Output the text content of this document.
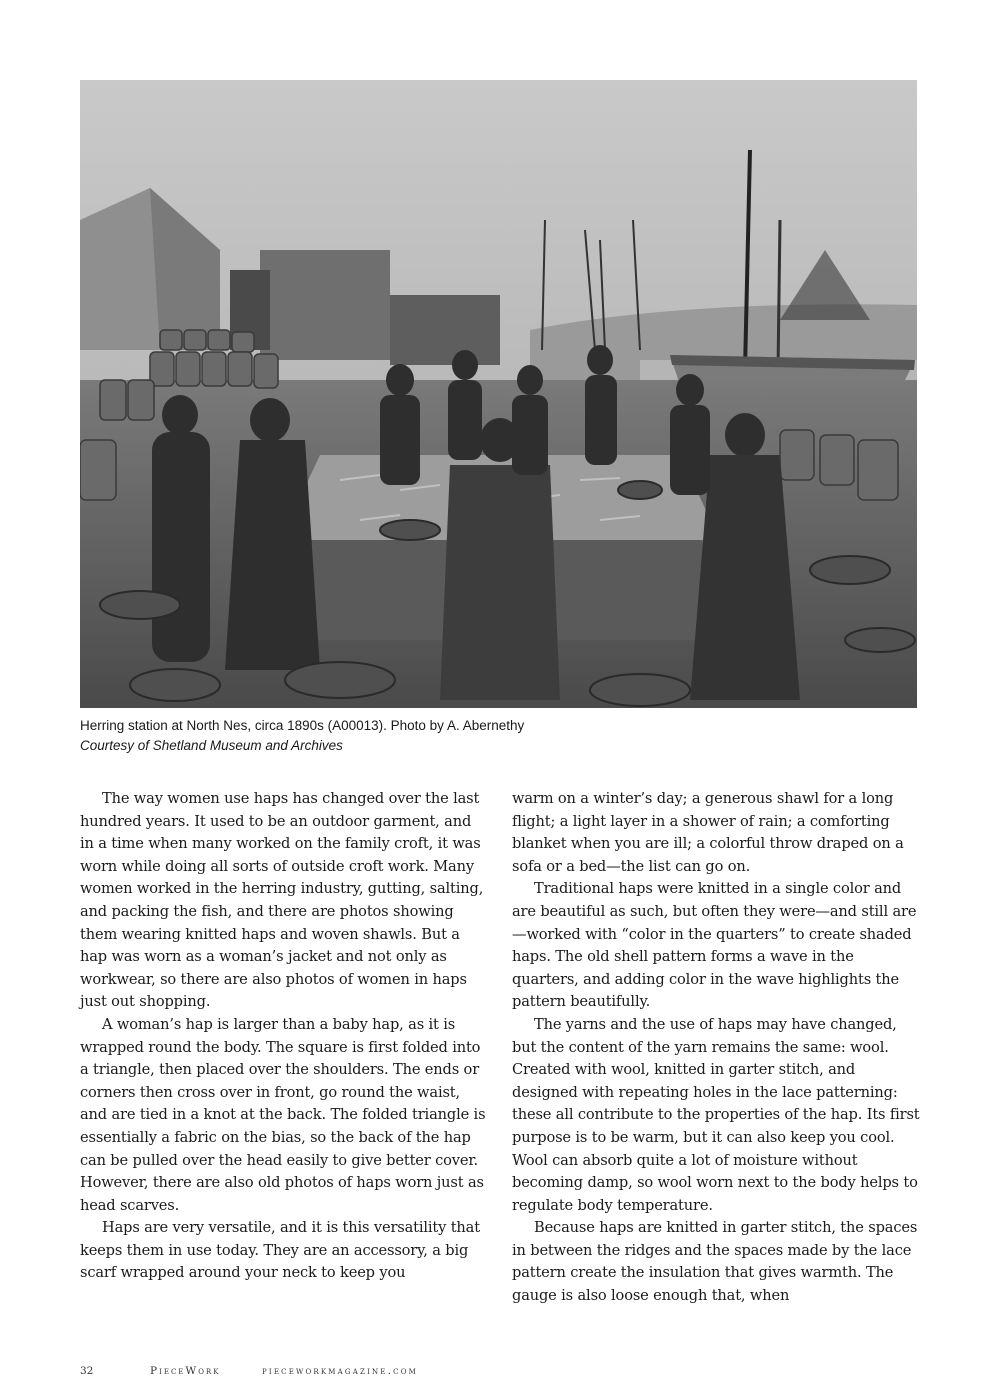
Herring station at North Nes, circa 1890s (A00013). Photo by A. Abernethy
Courtesy of Shetland Museum and Archives

The way women use haps has changed over the last hundred years. It used to be an outdoor garment, and in a time when many worked on the family croft, it was worn while doing all sorts of outside croft work. Many women worked in the herring industry, gutting, salting, and packing the fish, and there are photos showing them wearing knitted haps and woven shawls. But a hap was worn as a woman’s jacket and not only as workwear, so there are also photos of women in haps just out shopping.

A woman’s hap is larger than a baby hap, as it is wrapped round the body. The square is first folded into a triangle, then placed over the shoulders. The ends or corners then cross over in front, go round the waist, and are tied in a knot at the back. The folded triangle is essentially a fabric on the bias, so the back of the hap can be pulled over the head easily to give better cover. However, there are also old photos of haps worn just as head scarves.

Haps are very versatile, and it is this versatility that keeps them in use today. They are an accessory, a big scarf wrapped around your neck to keep you

warm on a winter’s day; a generous shawl for a long flight; a light layer in a shower of rain; a comforting blanket when you are ill; a colorful throw draped on a sofa or a bed—the list can go on.

Traditional haps were knitted in a single color and are beautiful as such, but often they were—and still are—worked with “color in the quarters” to create shaded haps. The old shell pattern forms a wave in the quarters, and adding color in the wave highlights the pattern beautifully.

The yarns and the use of haps may have changed, but the content of the yarn remains the same: wool. Created with wool, knitted in garter stitch, and designed with repeating holes in the lace patterning: these all contribute to the properties of the hap. Its first purpose is to be warm, but it can also keep you cool. Wool can absorb quite a lot of moisture without becoming damp, so wool worn next to the body helps to regulate body temperature.

Because haps are knitted in garter stitch, the spaces in between the ridges and the spaces made by the lace pattern create the insulation that gives warmth. The gauge is also loose enough that, when

32	PieceWork	pieceworkmagazine.com
